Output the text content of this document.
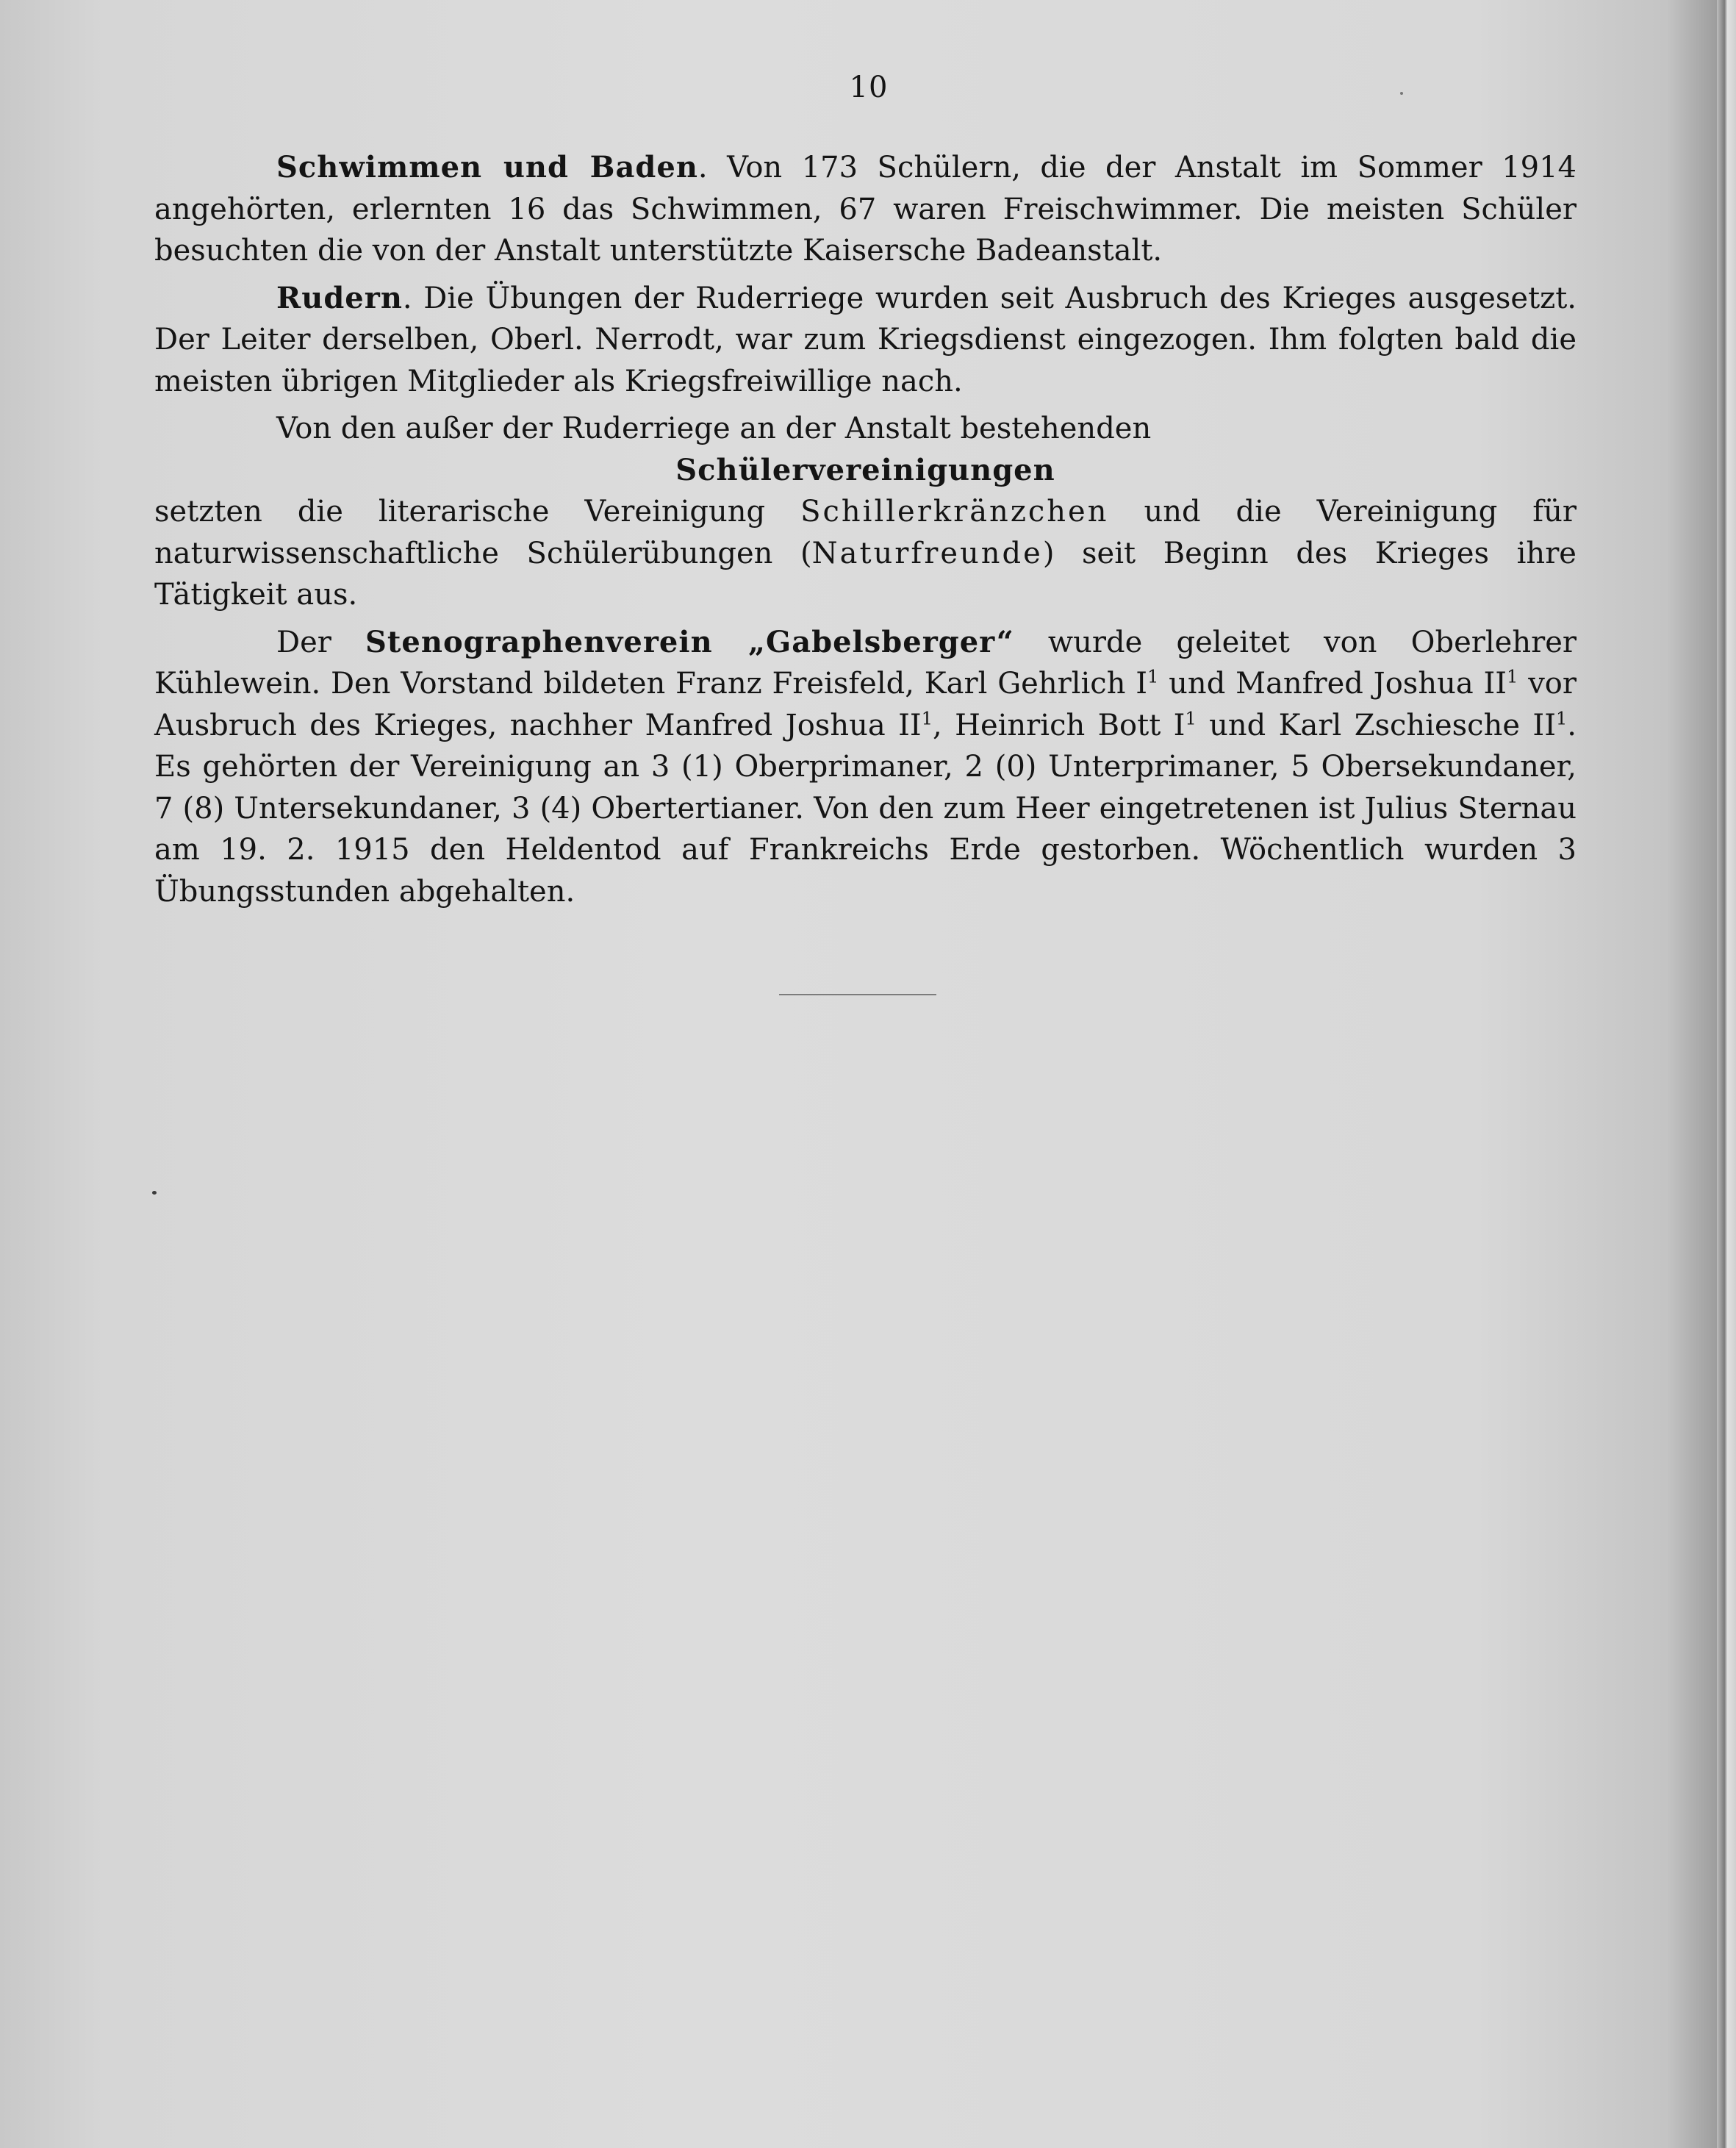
10

Schwimmen und Baden. Von 173 Schülern, die der Anstalt im Sommer 1914 angehörten, erlernten 16 das Schwimmen, 67 waren Freischwimmer. Die meisten Schüler besuchten die von der Anstalt unterstützte Kaisersche Badeanstalt.

Rudern. Die Übungen der Ruderriege wurden seit Ausbruch des Krieges ausgesetzt. Der Leiter derselben, Oberl. Nerrodt, war zum Kriegsdienst eingezogen. Ihm folgten bald die meisten übrigen Mitglieder als Kriegsfreiwillige nach.

Von den außer der Ruderriege an der Anstalt bestehenden

Schülervereinigungen

setzten die literarische Vereinigung Schillerkränzchen und die Vereinigung für naturwissenschaftliche Schülerübungen (Naturfreunde) seit Beginn des Krieges ihre Tätigkeit aus.

Der Stenographenverein „Gabelsberger“ wurde geleitet von Oberlehrer Kühlewein. Den Vorstand bildeten Franz Freisfeld, Karl Gehrlich $I^1$ und Manfred Joshua $II^1$ vor Ausbruch des Krieges, nachher Manfred Joshua $II^1$, Heinrich Bott $I^1$ und Karl Zschiesche $II^1$. Es gehörten der Vereinigung an 3 (1) Oberprimaner, 2 (0) Unterprimaner, 5 Obersekundaner, 7 (8) Untersekundaner, 3 (4) Obertertianer. Von den zum Heer eingetretenen ist Julius Sternau am 19. 2. 1915 den Heldentod auf Frankreichs Erde gestorben. Wöchentlich wurden 3 Übungsstunden abgehalten.
